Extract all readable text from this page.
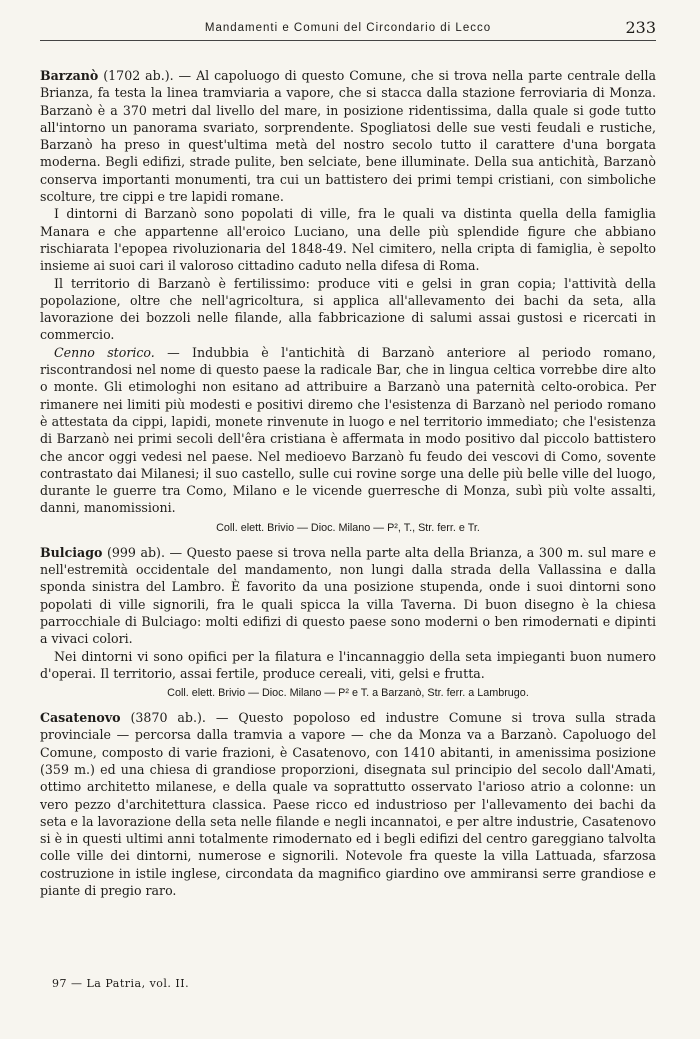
Mandamenti e Comuni del Circondario di Lecco	233

Barzanò (1702 ab.). — Al capoluogo di questo Comune, che si trova nella parte centrale della Brianza, fa testa la linea tramviaria a vapore, che si stacca dalla stazione ferroviaria di Monza. Barzanò è a 370 metri dal livello del mare, in posizione ridentissima, dalla quale si gode tutto all'intorno un panorama svariato, sorprendente. Spogliatosi delle sue vesti feudali e rustiche, Barzanò ha preso in quest'ultima metà del nostro secolo tutto il carattere d'una borgata moderna. Begli edifizi, strade pulite, ben selciate, bene illuminate. Della sua antichità, Barzanò conserva importanti monumenti, tra cui un battistero dei primi tempi cristiani, con simboliche scolture, tre cippi e tre lapidi romane.

I dintorni di Barzanò sono popolati di ville, fra le quali va distinta quella della famiglia Manara e che appartenne all'eroico Luciano, una delle più splendide figure che abbiano rischiarata l'epopea rivoluzionaria del 1848-49. Nel cimitero, nella cripta di famiglia, è sepolto insieme ai suoi cari il valoroso cittadino caduto nella difesa di Roma.

Il territorio di Barzanò è fertilissimo: produce viti e gelsi in gran copia; l'attività della popolazione, oltre che nell'agricoltura, si applica all'allevamento dei bachi da seta, alla lavorazione dei bozzoli nelle filande, alla fabbricazione di salumi assai gustosi e ricercati in commercio.

Cenno storico. — Indubbia è l'antichità di Barzanò anteriore al periodo romano, riscontrandosi nel nome di questo paese la radicale Bar, che in lingua celtica vorrebbe dire alto o monte. Gli etimologhi non esitano ad attribuire a Barzanò una paternità celto-orobica. Per rimanere nei limiti più modesti e positivi diremo che l'esistenza di Barzanò nel periodo romano è attestata da cippi, lapidi, monete rinvenute in luogo e nel territorio immediato; che l'esistenza di Barzanò nei primi secoli dell'êra cristiana è affermata in modo positivo dal piccolo battistero che ancor oggi vedesi nel paese. Nel medioevo Barzanò fu feudo dei vescovi di Como, sovente contrastato dai Milanesi; il suo castello, sulle cui rovine sorge una delle più belle ville del luogo, durante le guerre tra Como, Milano e le vicende guerresche di Monza, subì più volte assalti, danni, manomissioni.

Coll. elett. Brivio — Dioc. Milano — P², T., Str. ferr. e Tr.

Bulciago (999 ab). — Questo paese si trova nella parte alta della Brianza, a 300 m. sul mare e nell'estremità occidentale del mandamento, non lungi dalla strada della Vallassina e dalla sponda sinistra del Lambro. È favorito da una posizione stupenda, onde i suoi dintorni sono popolati di ville signorili, fra le quali spicca la villa Taverna. Di buon disegno è la chiesa parrocchiale di Bulciago: molti edifizi di questo paese sono moderni o ben rimodernati e dipinti a vivaci colori.

Nei dintorni vi sono opifici per la filatura e l'incannaggio della seta impieganti buon numero d'operai. Il territorio, assai fertile, produce cereali, viti, gelsi e frutta.

Coll. elett. Brivio — Dioc. Milano — P² e T. a Barzanò, Str. ferr. a Lambrugo.

Casatenovo (3870 ab.). — Questo popoloso ed industre Comune si trova sulla strada provinciale — percorsa dalla tramvia a vapore — che da Monza va a Barzanò. Capoluogo del Comune, composto di varie frazioni, è Casatenovo, con 1410 abitanti, in amenissima posizione (359 m.) ed una chiesa di grandiose proporzioni, disegnata sul principio del secolo dall'Amati, ottimo architetto milanese, e della quale va soprattutto osservato l'arioso atrio a colonne: un vero pezzo d'architettura classica. Paese ricco ed industrioso per l'allevamento dei bachi da seta e la lavorazione della seta nelle filande e negli incannatoi, e per altre industrie, Casatenovo si è in questi ultimi anni totalmente rimodernato ed i begli edifizi del centro gareggiano talvolta colle ville dei dintorni, numerose e signorili. Notevole fra queste la villa Lattuada, sfarzosa costruzione in istile inglese, circondata da magnifico giardino ove ammiransi serre grandiose e piante di pregio raro.

97 — La Patria, vol. II.
